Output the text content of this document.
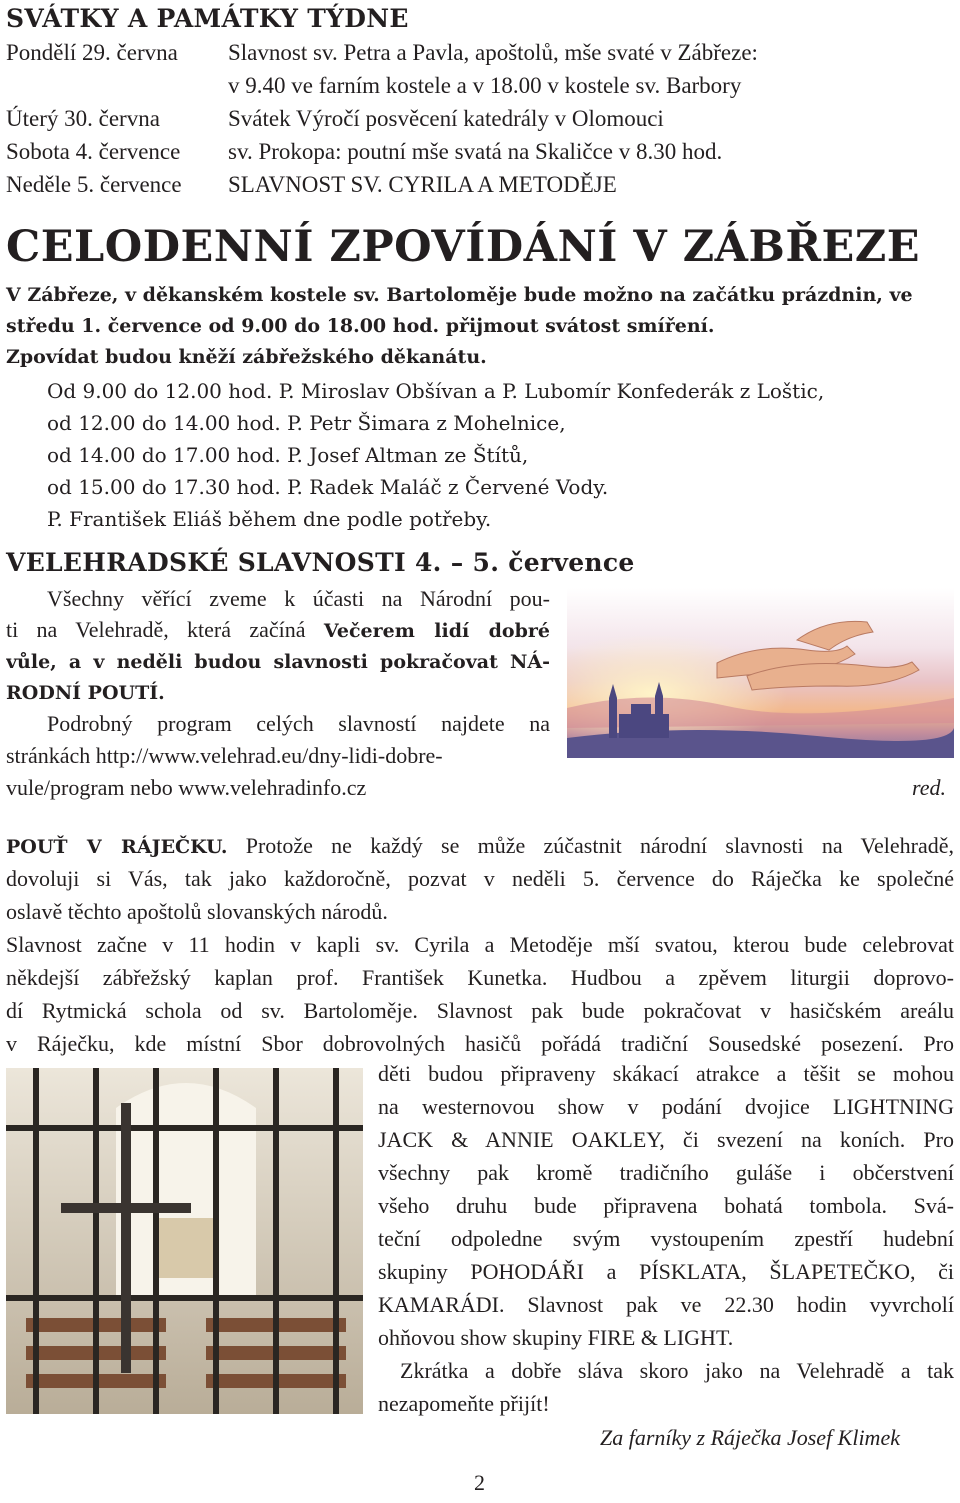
SVÁTKY A PAMÁTKY TÝDNE
Pondělí 29. června Slavnost sv. Petra a Pavla, apoštolů, mše svaté v Zábřeze:
v 9.40 ve farním kostele a v 18.00 v kostele sv. Barbory
Úterý 30. června	Svátek Výročí posvěcení katedrály v Olomouci
Sobota 4. července sv. Prokopa: poutní mše svatá na Skaličce v 8.30 hod.
Neděle 5. července SLAVNOST SV. CYRILA A METODĚJE
CELODENNÍ ZPOVÍDÁNÍ V ZÁBŘEZE
V Zábřeze, v děkanském kostele sv. Bartoloměje bude možno na začátku prázdnin, ve
středu 1. července od 9.00 do 18.00 hod. přijmout svátost smíření.
Zpovídat budou kněží zábřežského děkanátu.
Od 9.00 do 12.00 hod. P. Miroslav Obšívan a P. Lubomír Konfederák z Loštic,
od 12.00 do 14.00 hod. P. Petr Šimara z Mohelnice,
od 14.00 do 17.00 hod. P. Josef Altman ze Štítů,
od 15.00 do 17.30 hod. P. Radek Maláč z Červené Vody.
P. František Eliáš během dne podle potřeby.
VELEHRADSKÉ SLAVNOSTI 4. – 5. července
Všechny věřící zveme k účasti na Národní pou-
ti na Velehradě, která začíná Večerem lidí dobré
vůle, a v neděli budou slavnosti pokračovat NÁ-
RODNÍ POUTÍ.
Podrobný program celých slavností najdete na
stránkách http://www.velehrad.eu/dny-lidi-dobre-
vule/program nebo www.velehradinfo.cz	red.
POUŤ V RÁJEČKU. Protože ne každý se může zúčastnit národní slavnosti na Velehradě,
dovoluji si Vás, tak jako každoročně, pozvat v neděli 5. července do Ráječka ke společné
oslavě těchto apoštolů slovanských národů.
Slavnost začne v 11 hodin v kapli sv. Cyrila a Metoděje mší svatou, kterou bude celebrovat
někdejší zábřežský kaplan prof. František Kunetka. Hudbou a zpěvem liturgii doprovo-
dí Rytmická schola od sv. Bartoloměje. Slavnost pak bude pokračovat v hasičském areálu
v Ráječku, kde místní Sbor dobrovolných hasičů pořádá tradiční Sousedské posezení. Pro
děti budou připraveny skákací atrakce a těšit se mohou
na westernovou show v podání dvojice LIGHTNING
JACK & ANNIE OAKLEY, či svezení na koních. Pro
všechny pak kromě tradičního guláše i občerstvení
všeho druhu bude připravena bohatá tombola. Svá-
teční odpoledne svým vystoupením zpestří hudební
skupiny POHODÁŘI a PÍSKLATA, ŠLAPETEČKO, či
KAMARÁDI. Slavnost pak ve 22.30 hodin vyvrcholí
ohňovou show skupiny FIRE & LIGHT.
Zkrátka a dobře sláva skoro jako na Velehradě a tak
nezapomeňte přijít!
Za farníky z Ráječka Josef Klimek
2
